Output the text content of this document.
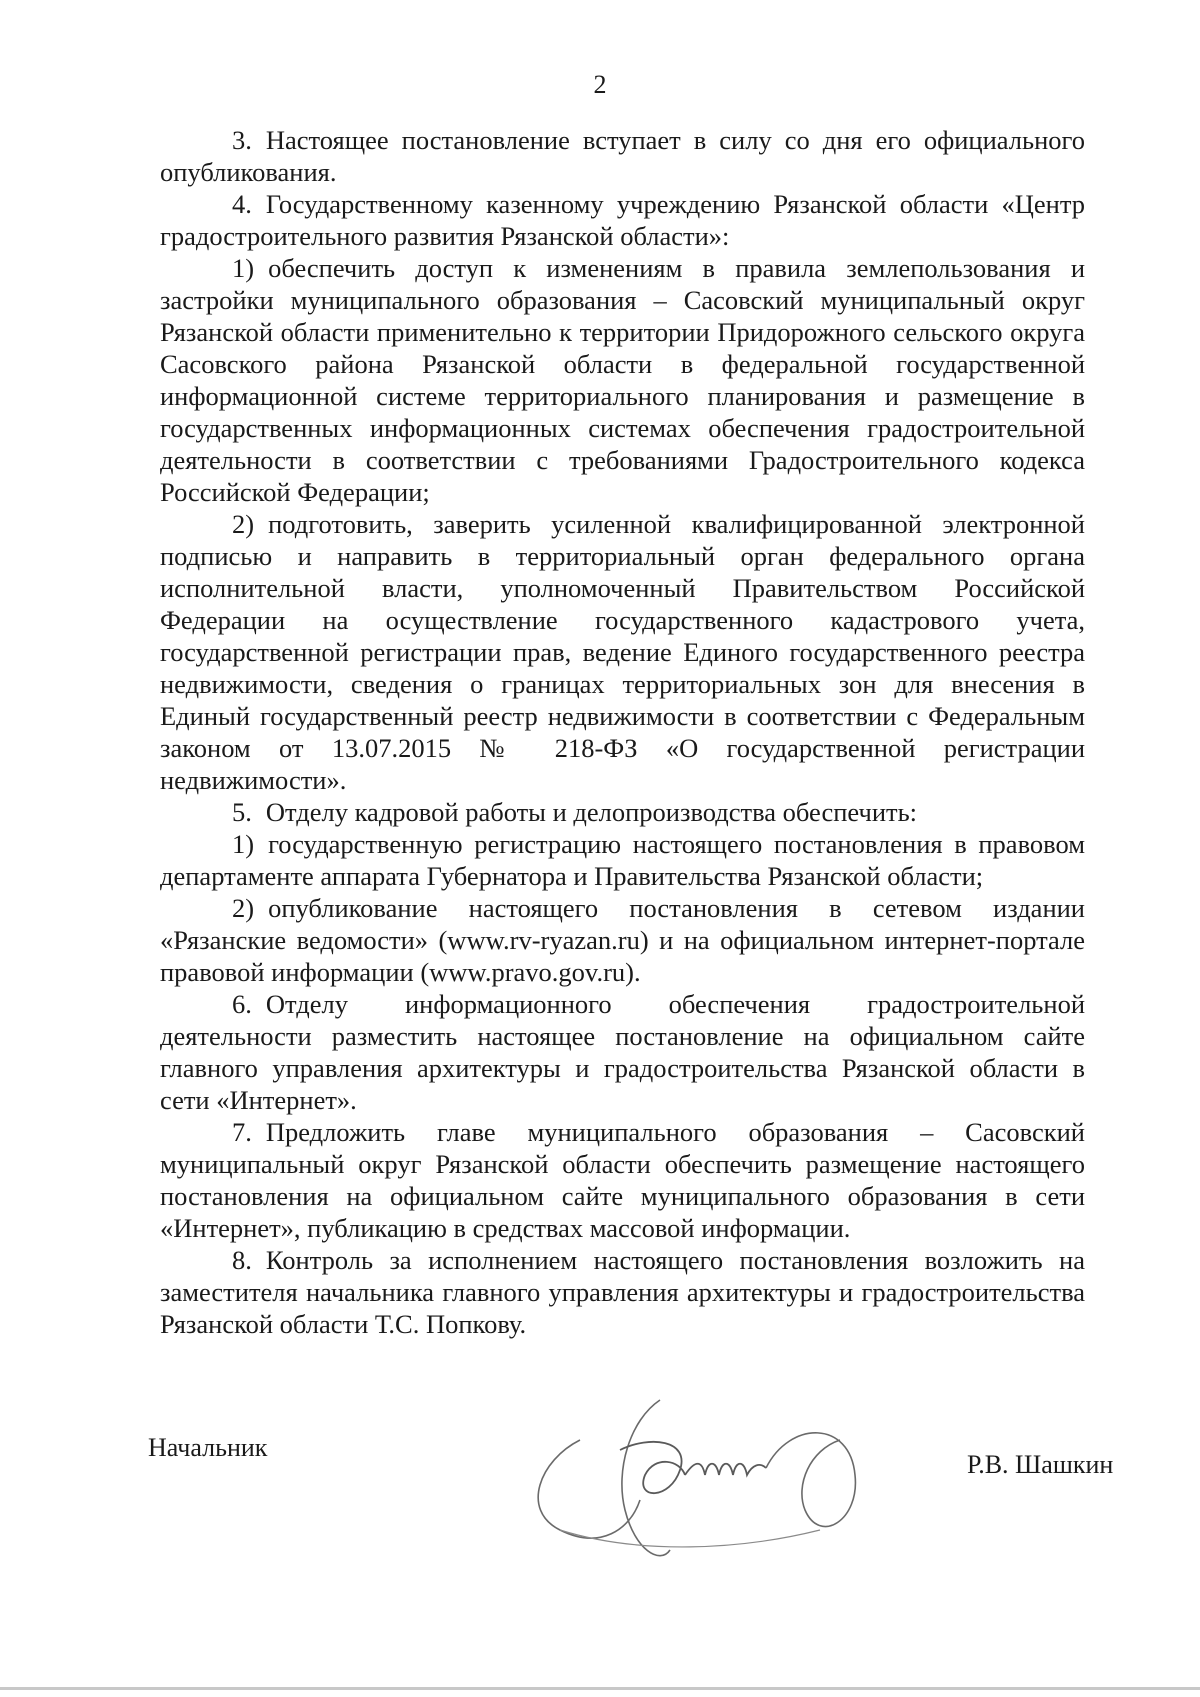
2

3. Настоящее постановление вступает в силу со дня его официального опубликования.

4. Государственному казенному учреждению Рязанской области «Центр градостроительного развития Рязанской области»:

1) обеспечить доступ к изменениям в правила землепользования и застройки муниципального образования – Сасовский муниципальный округ Рязанской области применительно к территории Придорожного сельского округа Сасовского района Рязанской области в федеральной государственной информационной системе территориального планирования и размещение в государственных информационных системах обеспечения градостроительной деятельности в соответствии с требованиями Градостроительного кодекса Российской Федерации;

2) подготовить, заверить усиленной квалифицированной электронной подписью и направить в территориальный орган федерального органа исполнительной власти, уполномоченный Правительством Российской Федерации на осуществление государственного кадастрового учета, государственной регистрации прав, ведение Единого государственного реестра недвижимости, сведения о границах территориальных зон для внесения в Единый государственный реестр недвижимости в соответствии с Федеральным законом от 13.07.2015 № 218-ФЗ «О государственной регистрации недвижимости».

5. Отделу кадровой работы и делопроизводства обеспечить:

1) государственную регистрацию настоящего постановления в правовом департаменте аппарата Губернатора и Правительства Рязанской области;

2) опубликование настоящего постановления в сетевом издании «Рязанские ведомости» (www.rv-ryazan.ru) и на официальном интернет-портале правовой информации (www.pravo.gov.ru).

6. Отделу информационного обеспечения градостроительной деятельности разместить настоящее постановление на официальном сайте главного управления архитектуры и градостроительства Рязанской области в сети «Интернет».

7. Предложить главе муниципального образования – Сасовский муниципальный округ Рязанской области обеспечить размещение настоящего постановления на официальном сайте муниципального образования в сети «Интернет», публикацию в средствах массовой информации.

8. Контроль за исполнением настоящего постановления возложить на заместителя начальника главного управления архитектуры и градостроительства Рязанской области Т.С. Попкову.

Начальник
Р.В. Шашкин
